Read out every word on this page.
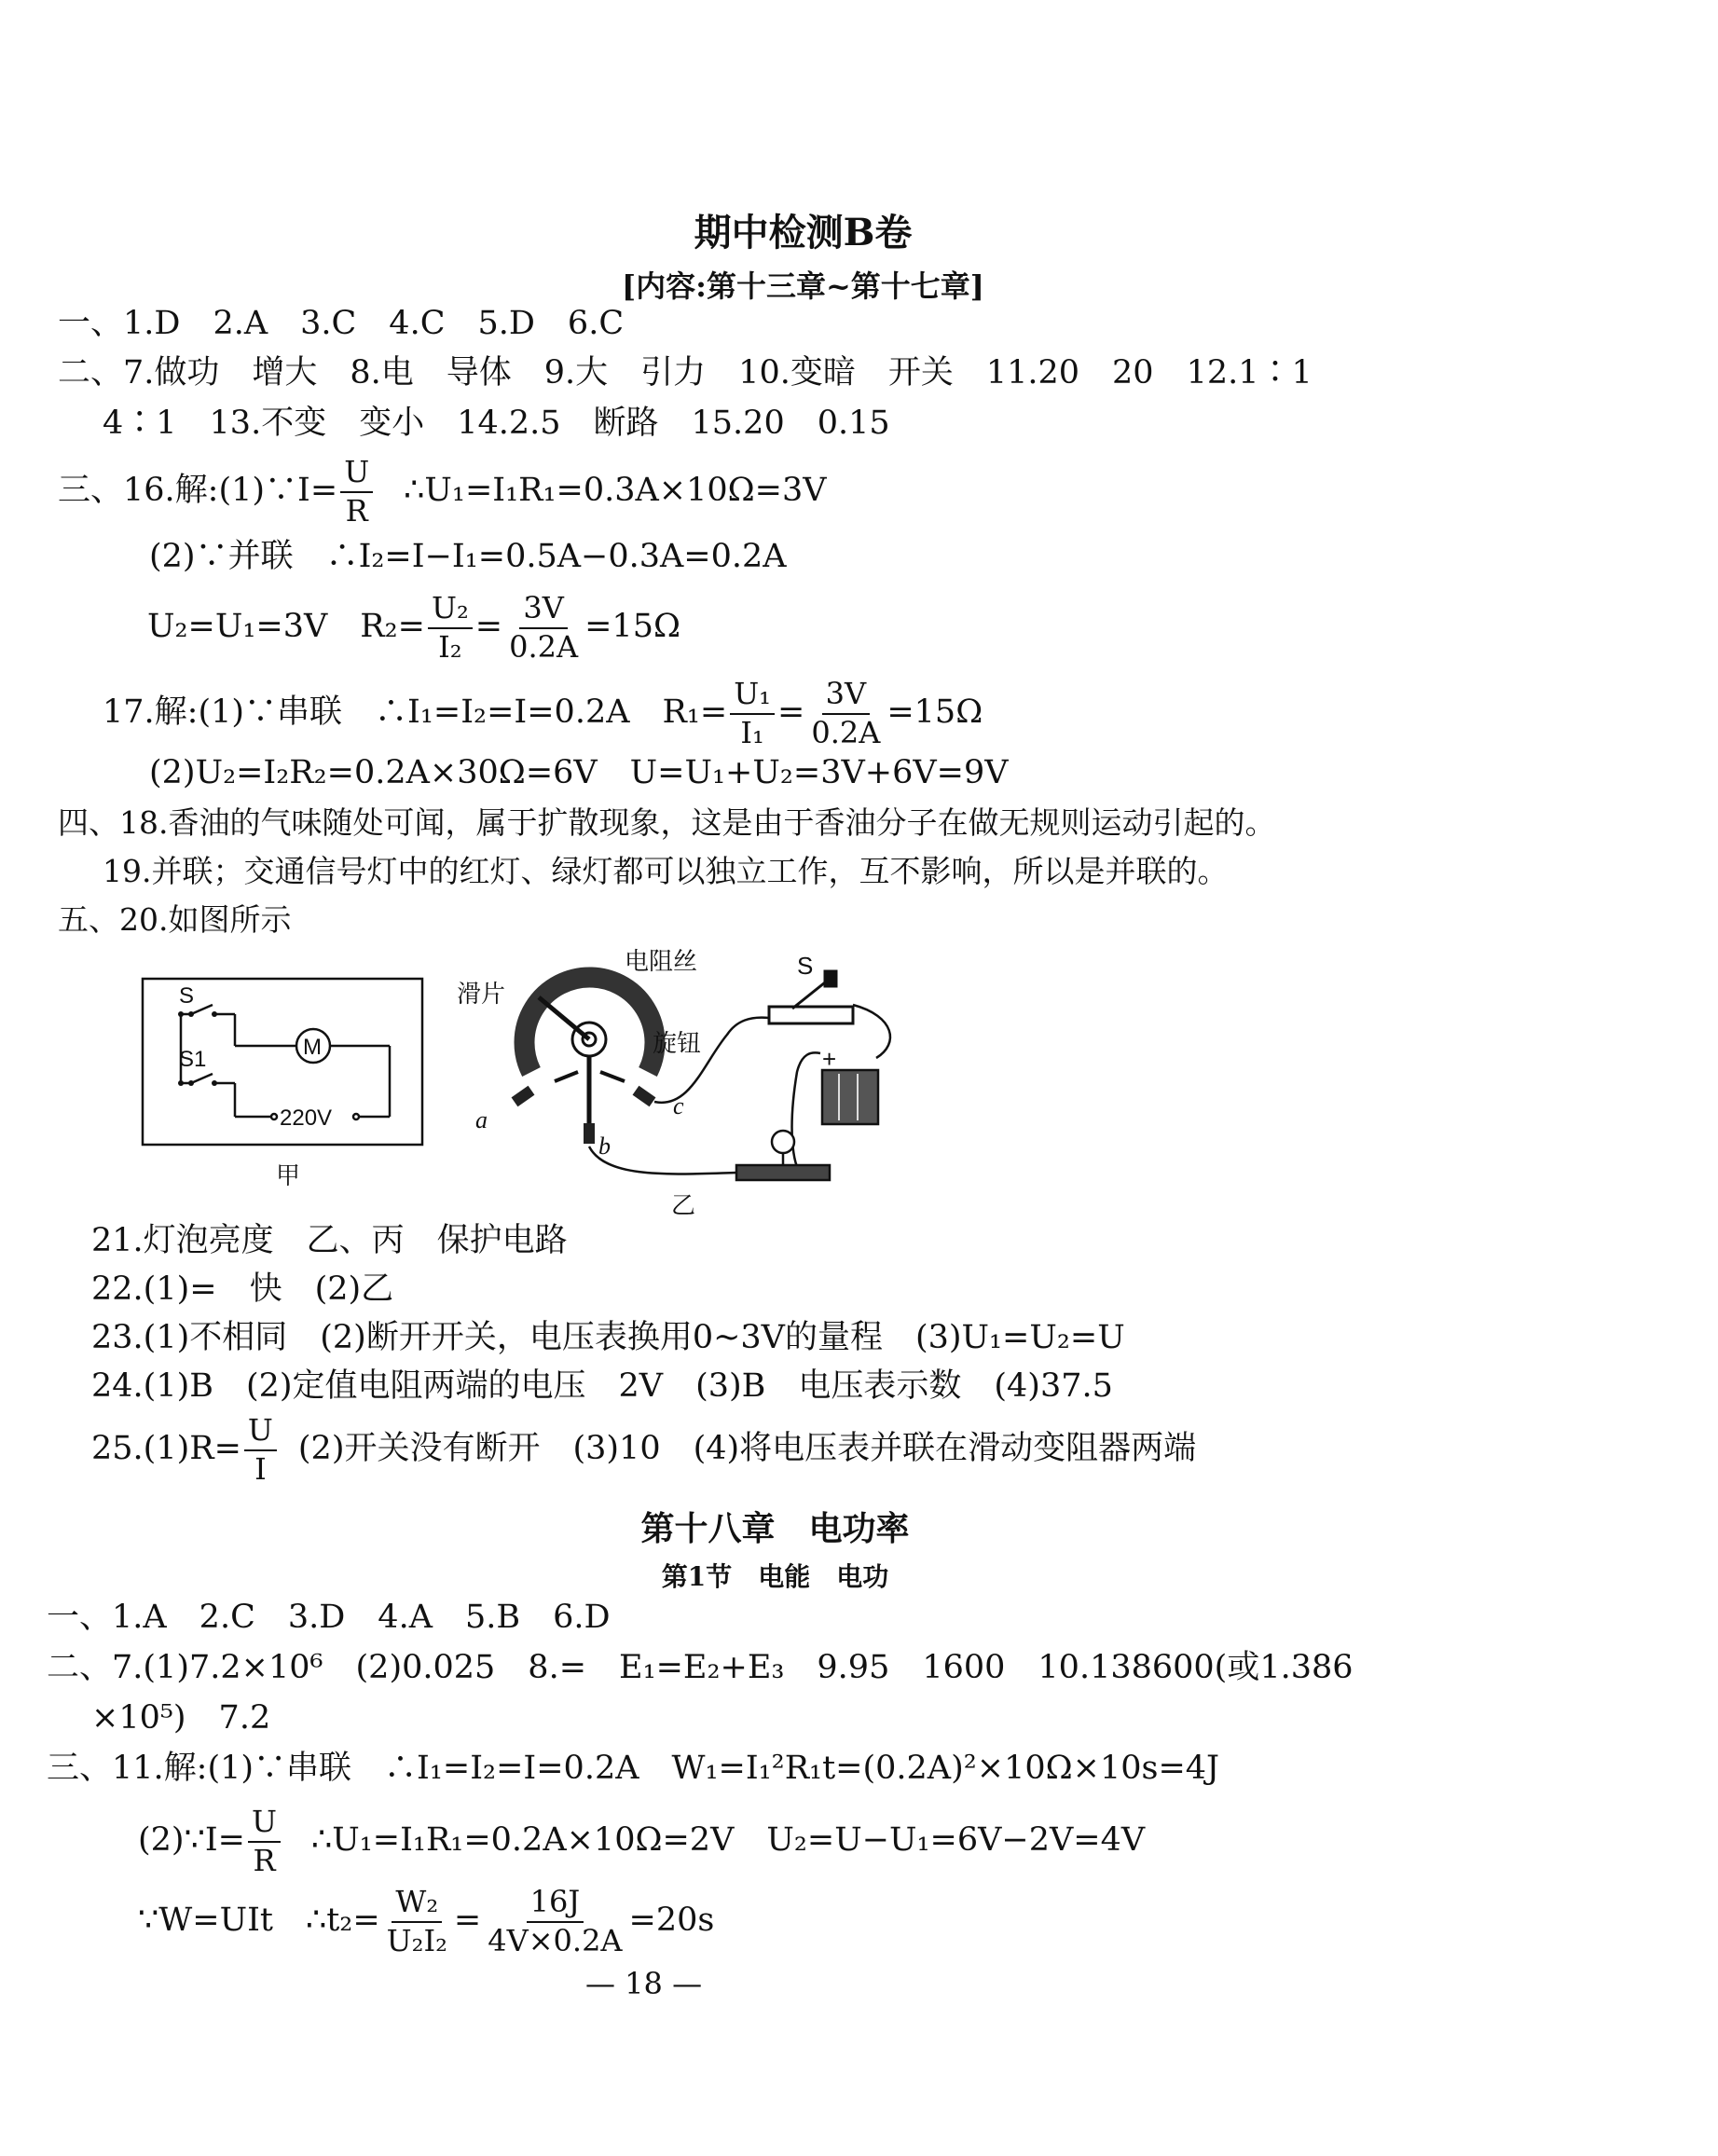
期中检测B卷
[内容:第十三章~第十七章]
一、1.D　2.A　3.C　4.C　5.D　6.C
二、7.做功　增大　8.电　导体　9.大　引力　10.变暗　开关　11.20　20　12.1∶1
4∶1　13.不变　变小　14.2.5　断路　15.20　0.15
三、16.解:(1)∵I= $\frac{U}{R}$ ∴U₁=I₁R₁=0.3A×10Ω=3V
(2)∵并联　∴I₂=I−I₁=0.5A−0.3A=0.2A
U₂=U₁=3V　$R_2= \frac{\text{U₂}}{\text{I₂}} = \frac{3V}{0.2A} =15\Omega$
17.解:(1)∵串联　∴I₁=I₂=I=0.2A　$R_1= \frac{\text{U₁}}{\text{I₁}} = \frac{3V}{0.2A} =15\Omega$
(2)U₂=I₂R₂=0.2A×30Ω=6V　U=U₁+U₂=3V+6V=9V
四、18.香油的气味随处可闻，属于扩散现象，这是由于香油分子在做无规则运动引起的。
19.并联；交通信号灯中的红灯、绿灯都可以独立工作，互不影响，所以是并联的。
五、20.如图所示
S
S1	M
220V
甲
滑片
电阻丝
旋钮
S
+
a
b
c
乙
21.灯泡亮度　乙、丙　保护电路
22.(1)=　快　(2)乙
23.(1)不相同　(2)断开开关，电压表换用0~3V的量程　(3)U₁=U₂=U
24.(1)B　(2)定值电阻两端的电压　2V　(3)B　电压表示数　(4)37.5
$25.(1)R= \frac{U}{I} (2)$开关没有断开　(3)10　(4)将电压表并联在滑动变阻器两端
第十八章　电功率
第1节　电能　电功
一、1.A　2.C　3.D　4.A　5.B　6.D
二、7.(1)7.2×10⁶　(2)0.025　8.=　E₁=E₂+E₃　9.95　1600　10.138600(或1.386
×10⁵)　7.2
三、11.解:(1)∵串联　∴I₁=I₂=I=0.2A　W₁=I₁²R₁t=(0.2A)²×10Ω×10s=4J
(2)∵I= $\frac{U}{R}$ ∴U₁=I₁R₁=0.2A×10Ω=2V　U₂=U−U₁=6V−2V=4V
∵W=UIt　∴t₂= $\frac{\text{W₂}}{\text{U₂I₂}} = \frac{16J}{4V\times 0.2A} =20s$
— 18 —
